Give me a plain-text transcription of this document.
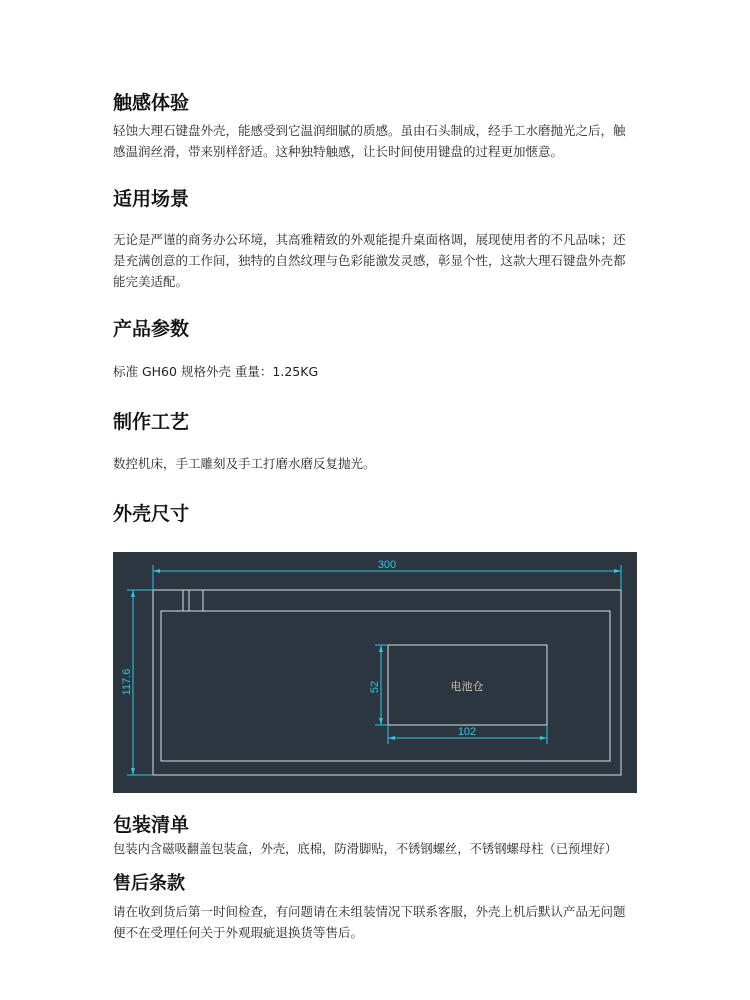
触感体验

轻蚀大理石键盘外壳，能感受到它温润细腻的质感。虽由石头制成，经手工水磨抛光之后，触感温润丝滑，带来别样舒适。这种独特触感，让长时间使用键盘的过程更加惬意。

适用场景

无论是严谨的商务办公环境，其高雅精致的外观能提升桌面格调，展现使用者的不凡品味；还是充满创意的工作间，独特的自然纹理与色彩能激发灵感，彰显个性，这款大理石键盘外壳都能完美适配。

产品参数

标准 GH60 规格外壳 重量：1.25KG

制作工艺

数控机床，手工雕刻及手工打磨水磨反复抛光。

外壳尺寸
300
117.6	电池仓
52
102
包装清单

包装内含磁吸翻盖包装盒，外壳，底棉，防滑脚贴，不锈钢螺丝，不锈钢螺母柱（已预埋好）

售后条款

请在收到货后第一时间检查，有问题请在未组装情况下联系客服，外壳上机后默认产品无问题便不在受理任何关于外观瑕疵退换货等售后。
